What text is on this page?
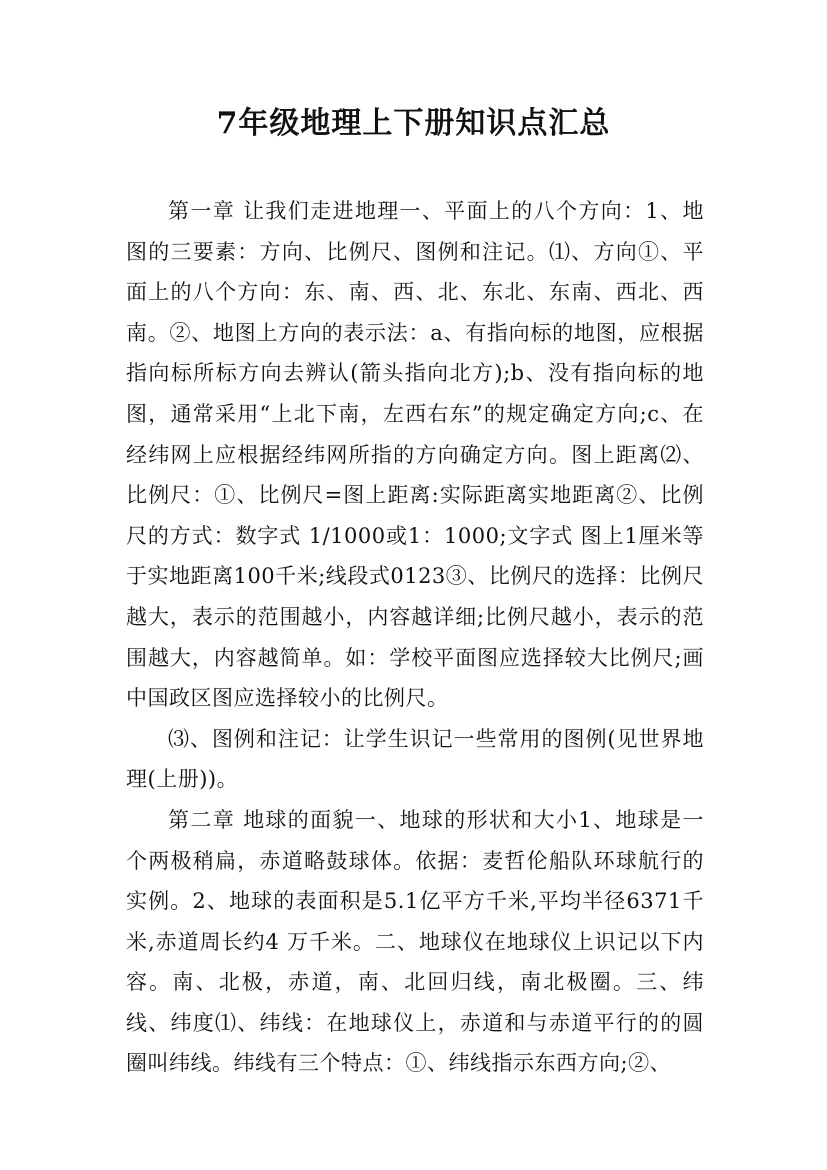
7年级地理上下册知识点汇总

第一章 让我们走进地理一、平面上的八个方向：1、地图的三要素：方向、比例尺、图例和注记。⑴、方向①、平面上的八个方向：东、南、西、北、东北、东南、西北、西南。②、地图上方向的表示法：a、有指向标的地图，应根据指向标所标方向去辨认(箭头指向北方);b、没有指向标的地图，通常采用“上北下南，左西右东”的规定确定方向;c、在经纬网上应根据经纬网所指的方向确定方向。图上距离⑵、比例尺：①、比例尺=图上距离:实际距离实地距离②、比例尺的方式：数字式 1/1000或1：1000;文字式 图上1厘米等于实地距离100千米;线段式0123③、比例尺的选择：比例尺越大，表示的范围越小，内容越详细;比例尺越小，表示的范围越大，内容越简单。如：学校平面图应选择较大比例尺;画中国政区图应选择较小的比例尺。

⑶、图例和注记：让学生识记一些常用的图例(见世界地理(上册))。

第二章 地球的面貌一、地球的形状和大小1、地球是一个两极稍扁，赤道略鼓球体。依据：麦哲伦船队环球航行的实例。2、地球的表面积是5.1亿平方千米,平均半径6371千米,赤道周长约4 万千米。二、地球仪在地球仪上识记以下内容。南、北极，赤道，南、北回归线，南北极圈。三、纬线、纬度⑴、纬线：在地球仪上，赤道和与赤道平行的的圆圈叫纬线。纬线有三个特点：①、纬线指示东西方向;②、
